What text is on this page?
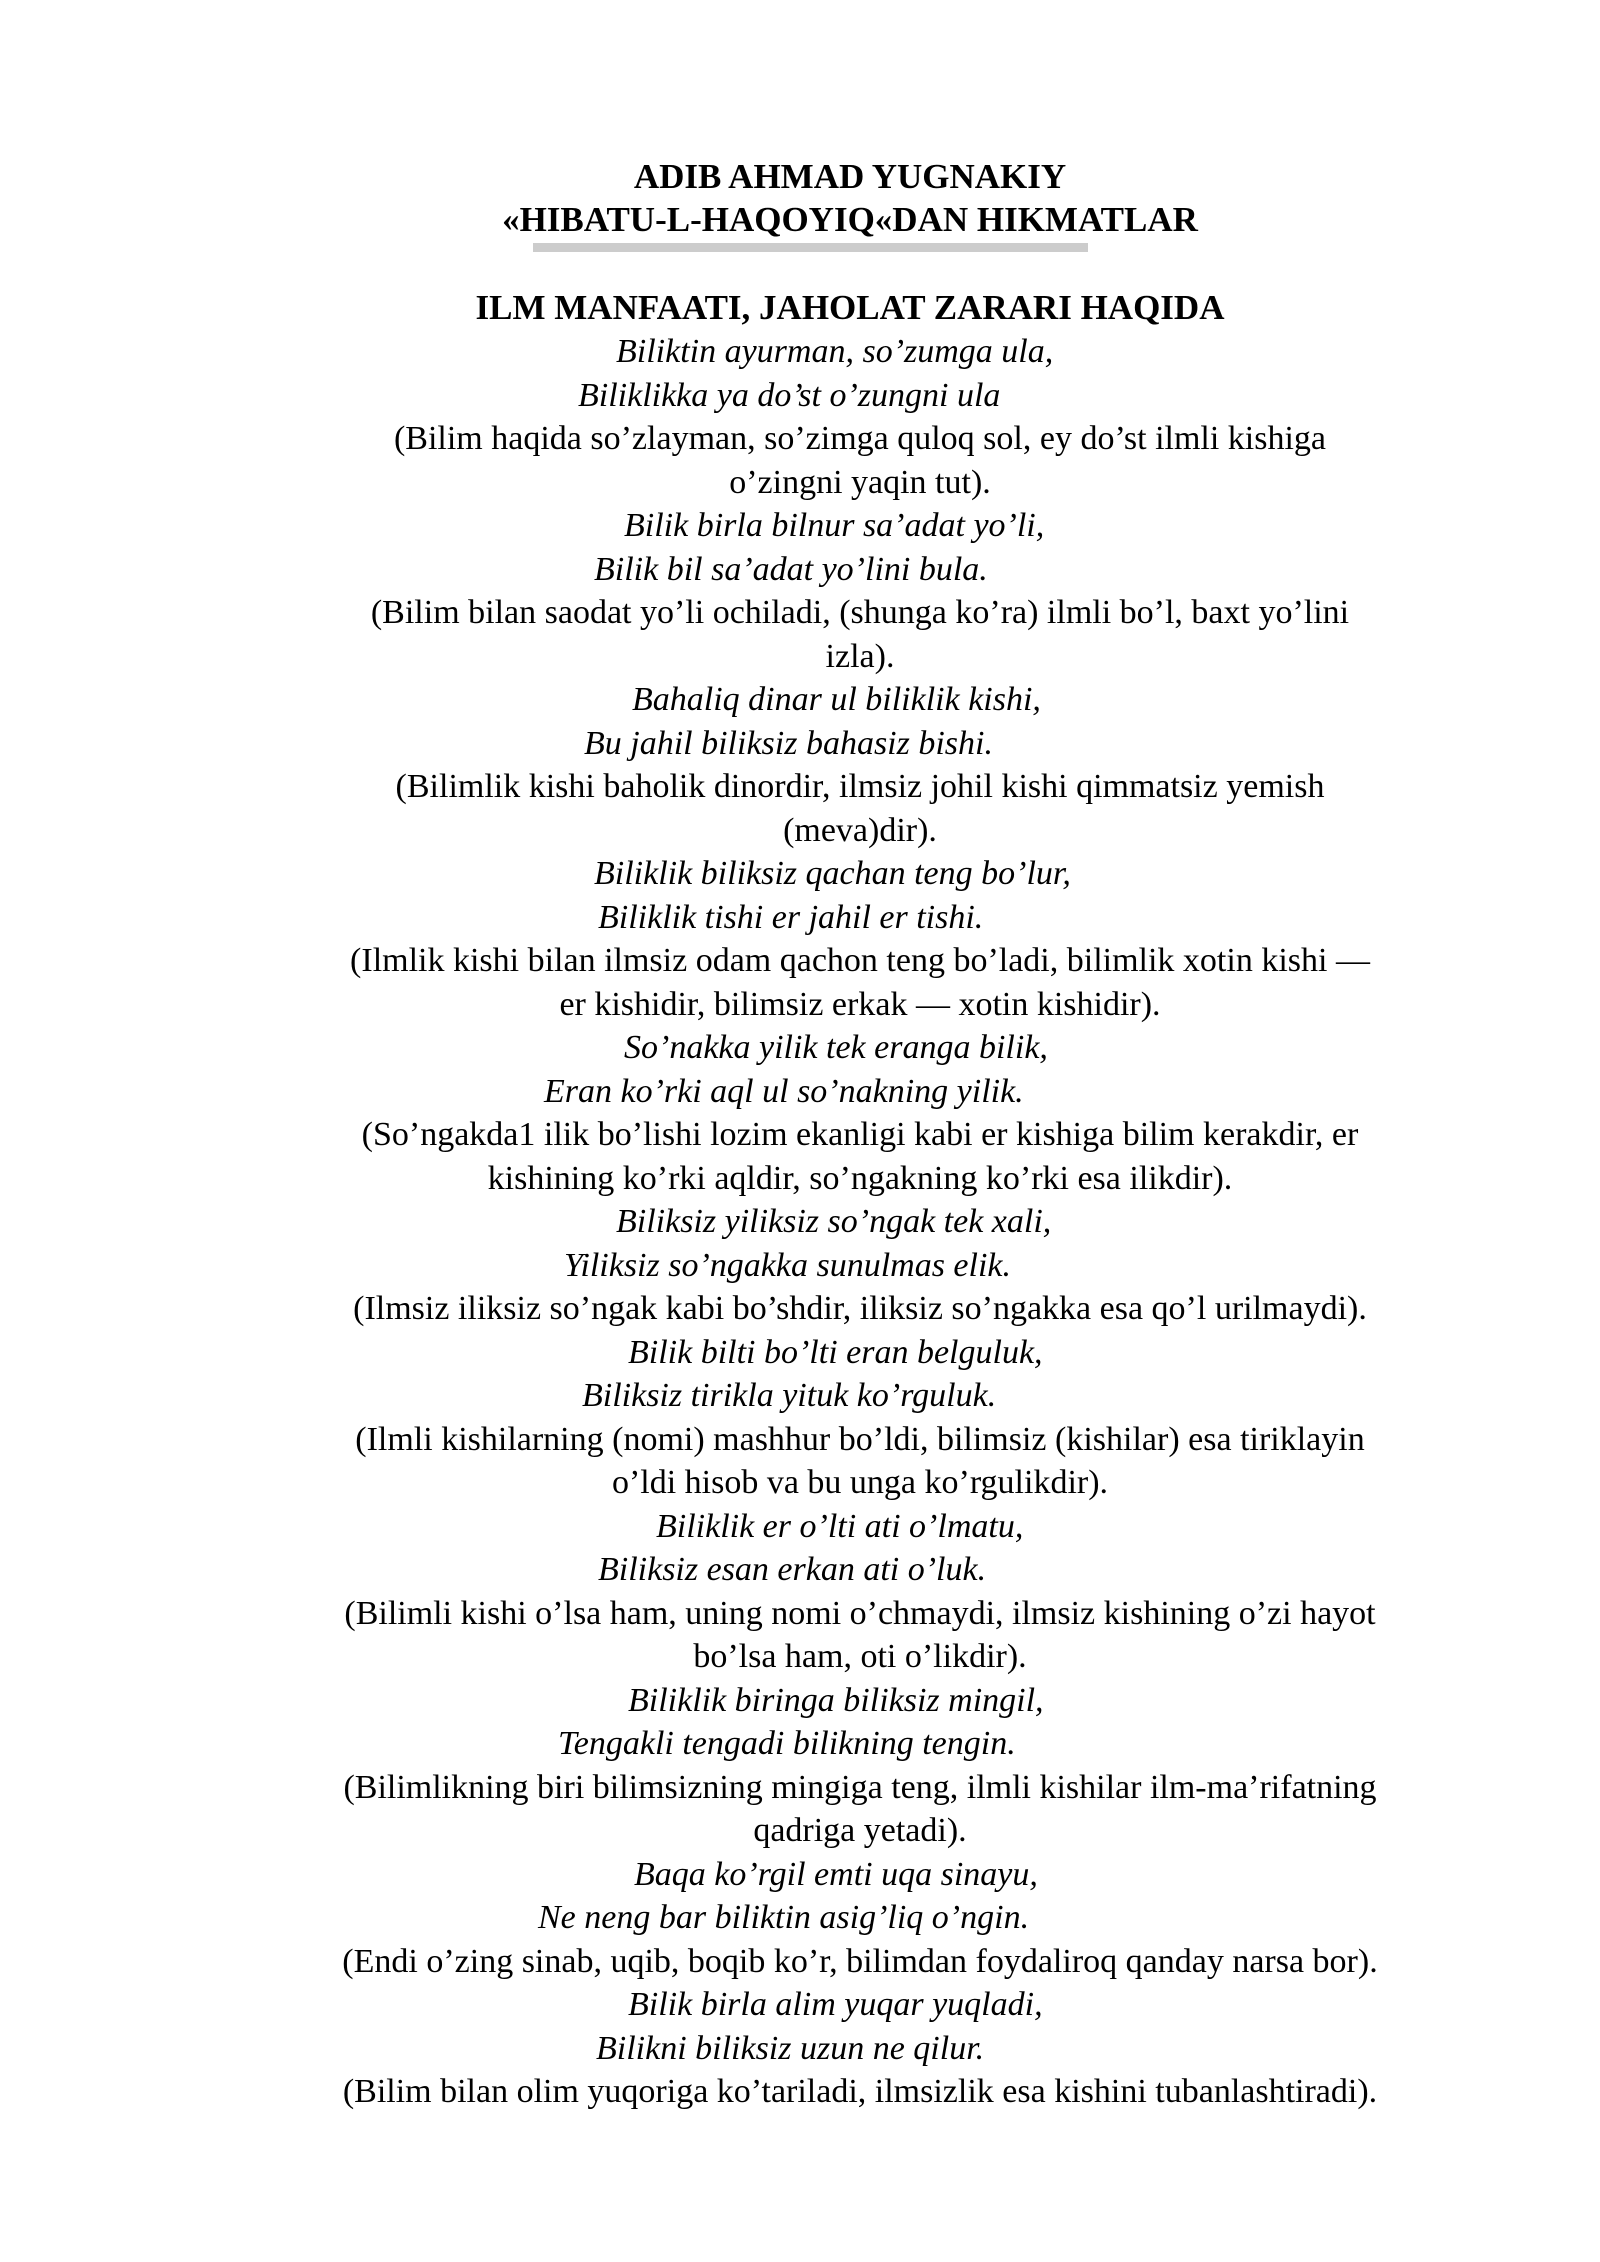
ADIB AHMAD YUGNAKIY
«HIBATU-L-HAQOYIQ«DAN HIKMATLAR
ILM MANFAATI, JAHOLAT ZARARI HAQIDA
Biliktin ayurman, so’zumga ula,
Biliklikka ya do’st o’zungni ula
(Bilim haqida so’zlayman, so’zimga quloq sol, ey do’st ilmli kishiga
o’zingni yaqin tut).
Bilik birla bilnur sa’adat yo’li,
Bilik bil sa’adat yo’lini bula.
(Bilim bilan saodat yo’li ochiladi, (shunga ko’ra) ilmli bo’l, baxt yo’lini
izla).
Bahaliq dinar ul biliklik kishi,
Bu jahil biliksiz bahasiz bishi.
(Bilimlik kishi baholik dinordir, ilmsiz johil kishi qimmatsiz yemish
(meva)dir).
Biliklik biliksiz qachan teng bo’lur,
Biliklik tishi er jahil er tishi.
(Ilmlik kishi bilan ilmsiz odam qachon teng bo’ladi, bilimlik xotin kishi —
er kishidir, bilimsiz erkak — xotin kishidir).
So’nakka yilik tek eranga bilik,
Eran ko’rki aql ul so’nakning yilik.
(So’ngakda1 ilik bo’lishi lozim ekanligi kabi er kishiga bilim kerakdir, er
kishining ko’rki aqldir, so’ngakning ko’rki esa ilikdir).
Biliksiz yiliksiz so’ngak tek xali,
Yiliksiz so’ngakka sunulmas elik.
(Ilmsiz iliksiz so’ngak kabi bo’shdir, iliksiz so’ngakka esa qo’l urilmaydi).
Bilik bilti bo’lti eran belguluk,
Biliksiz tirikla yituk ko’rguluk.
(Ilmli kishilarning (nomi) mashhur bo’ldi, bilimsiz (kishilar) esa tiriklayin
o’ldi hisob va bu unga ko’rgulikdir).
Biliklik er o’lti ati o’lmatu,
Biliksiz esan erkan ati o’luk.
(Bilimli kishi o’lsa ham, uning nomi o’chmaydi, ilmsiz kishining o’zi hayot
bo’lsa ham, oti o’likdir).
Biliklik biringa biliksiz mingil,
Tengakli tengadi bilikning tengin.
(Bilimlikning biri bilimsizning mingiga teng, ilmli kishilar ilm-ma’rifatning
qadriga yetadi).
Baqa ko’rgil emti uqa sinayu,
Ne neng bar biliktin asig’liq o’ngin.
(Endi o’zing sinab, uqib, boqib ko’r, bilimdan foydaliroq qanday narsa bor).
Bilik birla alim yuqar yuqladi,
Bilikni biliksiz uzun ne qilur.
(Bilim bilan olim yuqoriga ko’tariladi, ilmsizlik esa kishini tubanlashtiradi).
